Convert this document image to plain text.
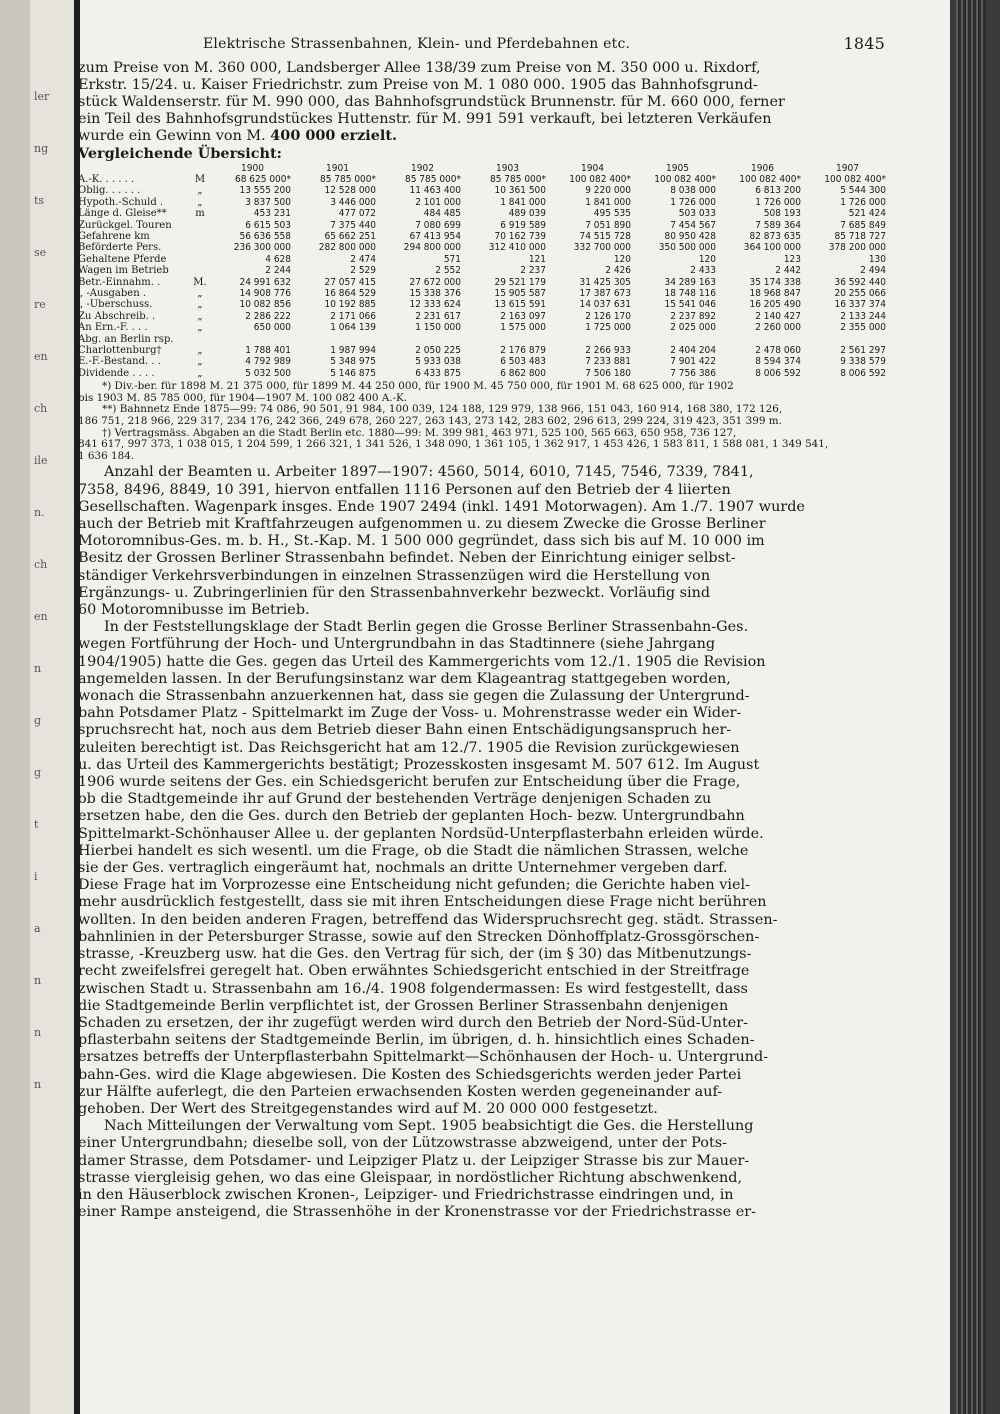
ler
ng
ts
se
re
en
ch
ile
n.
ch
en
n
g
g
t
i
a
n
n
n
Elektrische Strassenbahnen, Klein- und Pferdebahnen etc.	1845

zum Preise von M. 360 000, Landsberger Allee 138/39 zum Preise von M. 350 000 u. Rixdorf,
Erkstr. 15/24. u. Kaiser Friedrichstr. zum Preise von M. 1 080 000. 1905 das Bahnhofsgrund-
stück Waldenserstr. für M. 990 000, das Bahnhofsgrundstück Brunnenstr. für M. 660 000, ferner
ein Teil des Bahnhofsgrundstückes Huttenstr. für M. 991 591 verkauft, bei letzteren Verkäufen
wurde ein Gewinn von M. 400 000 erzielt.

Vergleichende Übersicht:

		1900	1901	1902	1903	1904	1905	1906	1907
A.-K. . . . . .	M	68 625 000*	85 785 000*	85 785 000*	85 785 000*	100 082 400*	100 082 400*	100 082 400*	100 082 400*
Oblig. . . . . .	„	13 555 200	12 528 000	11 463 400	10 361 500	9 220 000	8 038 000	6 813 200	5 544 300
Hypoth.-Schuld .	„	3 837 500	3 446 000	2 101 000	1 841 000	1 841 000	1 726 000	1 726 000	1 726 000
Länge d. Gleise**	m	453 231	477 072	484 485	489 039	495 535	503 033	508 193	521 424
Zurückgel. Touren		6 615 503	7 375 440	7 080 699	6 919 589	7 051 890	7 454 567	7 589 364	7 685 849
Gefahrene km		56 636 558	65 662 251	67 413 954	70 162 739	74 515 728	80 950 428	82 873 635	85 718 727
Beförderte Pers.		236 300 000	282 800 000	294 800 000	312 410 000	332 700 000	350 500 000	364 100 000	378 200 000
Gehaltene Pferde		4 628	2 474	571	121	120	120	123	130
Wagen im Betrieb		2 244	2 529	2 552	2 237	2 426	2 433	2 442	2 494
Betr.-Einnahm. .	M.	24 991 632	27 057 415	27 672 000	29 521 179	31 425 305	34 289 163	35 174 338	36 592 440
„ -Ausgaben .	„	14 908 776	16 864 529	15 338 376	15 905 587	17 387 673	18 748 116	18 968 847	20 255 066
„ -Überschuss.	„	10 082 856	10 192 885	12 333 624	13 615 591	14 037 631	15 541 046	16 205 490	16 337 374
Zu Abschreib. .	„	2 286 222	2 171 066	2 231 617	2 163 097	2 126 170	2 237 892	2 140 427	2 133 244
An Ern.-F. . . .	„	650 000	1 064 139	1 150 000	1 575 000	1 725 000	2 025 000	2 260 000	2 355 000
Abg. an Berlin rsp.									
Charlottenburg†	„	1 788 401	1 987 994	2 050 225	2 176 879	2 266 933	2 404 204	2 478 060	2 561 297
E.-F.-Bestand. . .	„	4 792 989	5 348 975	5 933 038	6 503 483	7 233 881	7 901 422	8 594 374	9 338 579
Dividende . . . .	„	5 032 500	5 146 875	6 433 875	6 862 800	7 506 180	7 756 386	8 006 592	8 006 592
*) Div.-ber. für 1898 M. 21 375 000, für 1899 M. 44 250 000, für 1900 M. 45 750 000, für 1901 M. 68 625 000, für 1902
bis 1903 M. 85 785 000, für 1904—1907 M. 100 082 400 A.-K.
**) Bahnnetz Ende 1875—99: 74 086, 90 501, 91 984, 100 039, 124 188, 129 979, 138 966, 151 043, 160 914, 168 380, 172 126,
186 751, 218 966, 229 317, 234 176, 242 366, 249 678, 260 227, 263 143, 273 142, 283 602, 296 613, 299 224, 319 423, 351 399 m.
†) Vertragsmäss. Abgaben an die Stadt Berlin etc. 1880—99: M. 399 981, 463 971, 525 100, 565 663, 650 958, 736 127,
841 617, 997 373, 1 038 015, 1 204 599, 1 266 321, 1 341 526, 1 348 090, 1 361 105, 1 362 917, 1 453 426, 1 583 811, 1 588 081, 1 349 541,
1 636 184.

Anzahl der Beamten u. Arbeiter 1897—1907: 4560, 5014, 6010, 7145, 7546, 7339, 7841,
7358, 8496, 8849, 10 391, hiervon entfallen 1116 Personen auf den Betrieb der 4 liierten
Gesellschaften. Wagenpark insges. Ende 1907 2494 (inkl. 1491 Motorwagen). Am 1./7. 1907 wurde
auch der Betrieb mit Kraftfahrzeugen aufgenommen u. zu diesem Zwecke die Grosse Berliner
Motoromnibus-Ges. m. b. H., St.-Kap. M. 1 500 000 gegründet, dass sich bis auf M. 10 000 im
Besitz der Grossen Berliner Strassenbahn befindet. Neben der Einrichtung einiger selbst-
ständiger Verkehrsverbindungen in einzelnen Strassenzügen wird die Herstellung von
Ergänzungs- u. Zubringerlinien für den Strassenbahnverkehr bezweckt. Vorläufig sind
60 Motoromnibusse im Betrieb.

In der Feststellungsklage der Stadt Berlin gegen die Grosse Berliner Strassenbahn-Ges.
wegen Fortführung der Hoch- und Untergrundbahn in das Stadtinnere (siehe Jahrgang
1904/1905) hatte die Ges. gegen das Urteil des Kammergerichts vom 12./1. 1905 die Revision
angemelden lassen. In der Berufungsinstanz war dem Klageantrag stattgegeben worden,
wonach die Strassenbahn anzuerkennen hat, dass sie gegen die Zulassung der Untergrund-
bahn Potsdamer Platz - Spittelmarkt im Zuge der Voss- u. Mohrenstrasse weder ein Wider-
spruchsrecht hat, noch aus dem Betrieb dieser Bahn einen Entschädigungsanspruch her-
zuleiten berechtigt ist. Das Reichsgericht hat am 12./7. 1905 die Revision zurückgewiesen
u. das Urteil des Kammergerichts bestätigt; Prozesskosten insgesamt M. 507 612. Im August
1906 wurde seitens der Ges. ein Schiedsgericht berufen zur Entscheidung über die Frage,
ob die Stadtgemeinde ihr auf Grund der bestehenden Verträge denjenigen Schaden zu
ersetzen habe, den die Ges. durch den Betrieb der geplanten Hoch- bezw. Untergrundbahn
Spittelmarkt-Schönhauser Allee u. der geplanten Nordsüd-Unterpflasterbahn erleiden würde.
Hierbei handelt es sich wesentl. um die Frage, ob die Stadt die nämlichen Strassen, welche
sie der Ges. vertraglich eingeräumt hat, nochmals an dritte Unternehmer vergeben darf.
Diese Frage hat im Vorprozesse eine Entscheidung nicht gefunden; die Gerichte haben viel-
mehr ausdrücklich festgestellt, dass sie mit ihren Entscheidungen diese Frage nicht berühren
wollten. In den beiden anderen Fragen, betreffend das Widerspruchsrecht geg. städt. Strassen-
bahnlinien in der Petersburger Strasse, sowie auf den Strecken Dönhoffplatz-Grossgörschen-
strasse, -Kreuzberg usw. hat die Ges. den Vertrag für sich, der (im § 30) das Mitbenutzungs-
recht zweifelsfrei geregelt hat. Oben erwähntes Schiedsgericht entschied in der Streitfrage
zwischen Stadt u. Strassenbahn am 16./4. 1908 folgendermassen: Es wird festgestellt, dass
die Stadtgemeinde Berlin verpflichtet ist, der Grossen Berliner Strassenbahn denjenigen
Schaden zu ersetzen, der ihr zugefügt werden wird durch den Betrieb der Nord-Süd-Unter-
pflasterbahn seitens der Stadtgemeinde Berlin, im übrigen, d. h. hinsichtlich eines Schaden-
ersatzes betreffs der Unterpflasterbahn Spittelmarkt—Schönhausen der Hoch- u. Untergrund-
bahn-Ges. wird die Klage abgewiesen. Die Kosten des Schiedsgerichts werden jeder Partei
zur Hälfte auferlegt, die den Parteien erwachsenden Kosten werden gegeneinander auf-
gehoben. Der Wert des Streitgegenstandes wird auf M. 20 000 000 festgesetzt.

Nach Mitteilungen der Verwaltung vom Sept. 1905 beabsichtigt die Ges. die Herstellung
einer Untergrundbahn; dieselbe soll, von der Lützowstrasse abzweigend, unter der Pots-
damer Strasse, dem Potsdamer- und Leipziger Platz u. der Leipziger Strasse bis zur Mauer-
strasse viergleisig gehen, wo das eine Gleispaar, in nordöstlicher Richtung abschwenkend,
in den Häuserblock zwischen Kronen-, Leipziger- und Friedrichstrasse eindringen und, in
einer Rampe ansteigend, die Strassenhöhe in der Kronenstrasse vor der Friedrichstrasse er-
